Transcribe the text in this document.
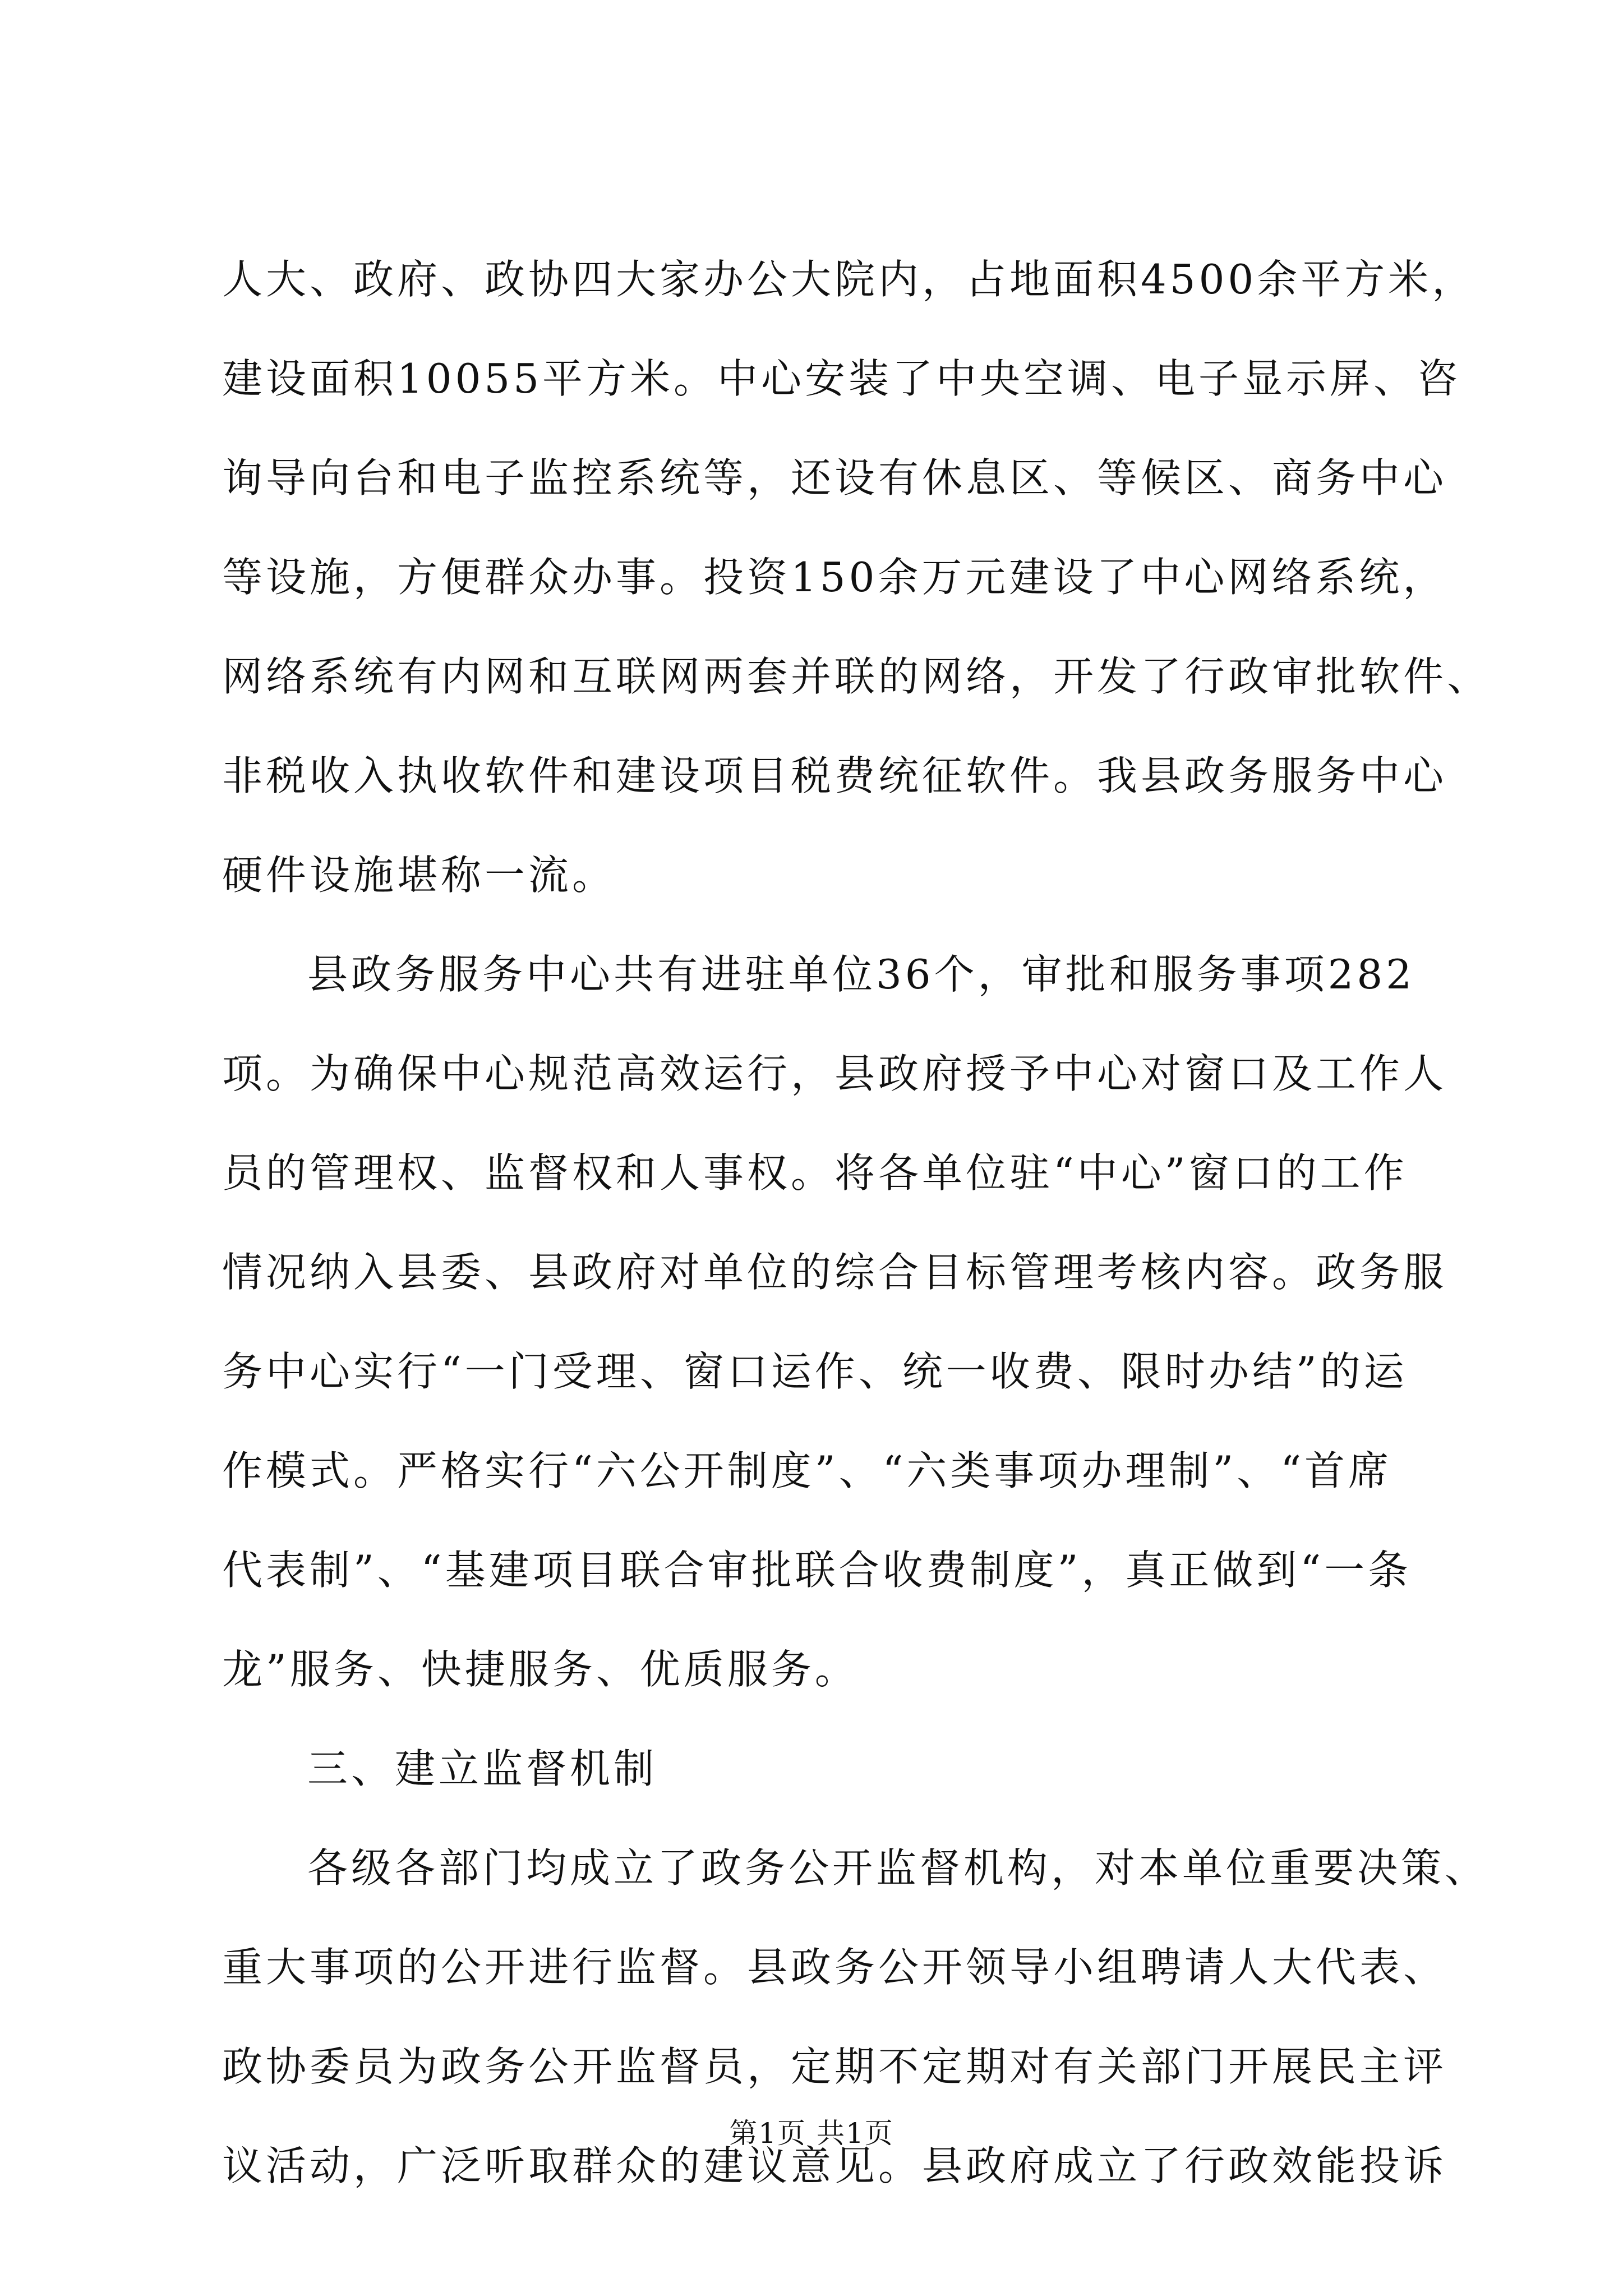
人大、政府、政协四大家办公大院内，占地面积4500余平方米，
建设面积10055平方米。中心安装了中央空调、电子显示屏、咨
询导向台和电子监控系统等，还设有休息区、等候区、商务中心
等设施，方便群众办事。投资150余万元建设了中心网络系统，
网络系统有内网和互联网两套并联的网络，开发了行政审批软件、
非税收入执收软件和建设项目税费统征软件。我县政务服务中心
硬件设施堪称一流。
县政务服务中心共有进驻单位36个，审批和服务事项282
项。为确保中心规范高效运行，县政府授予中心对窗口及工作人
员的管理权、监督权和人事权。将各单位驻“中心”窗口的工作
情况纳入县委、县政府对单位的综合目标管理考核内容。政务服
务中心实行“一门受理、窗口运作、统一收费、限时办结”的运
作模式。严格实行“六公开制度”、“六类事项办理制”、“首席
代表制”、“基建项目联合审批联合收费制度”，真正做到“一条
龙”服务、快捷服务、优质服务。
三、建立监督机制
各级各部门均成立了政务公开监督机构，对本单位重要决策、
重大事项的公开进行监督。县政务公开领导小组聘请人大代表、
政协委员为政务公开监督员，定期不定期对有关部门开展民主评
议活动，广泛听取群众的建议意见。县政府成立了行政效能投诉
第1页 共1页
